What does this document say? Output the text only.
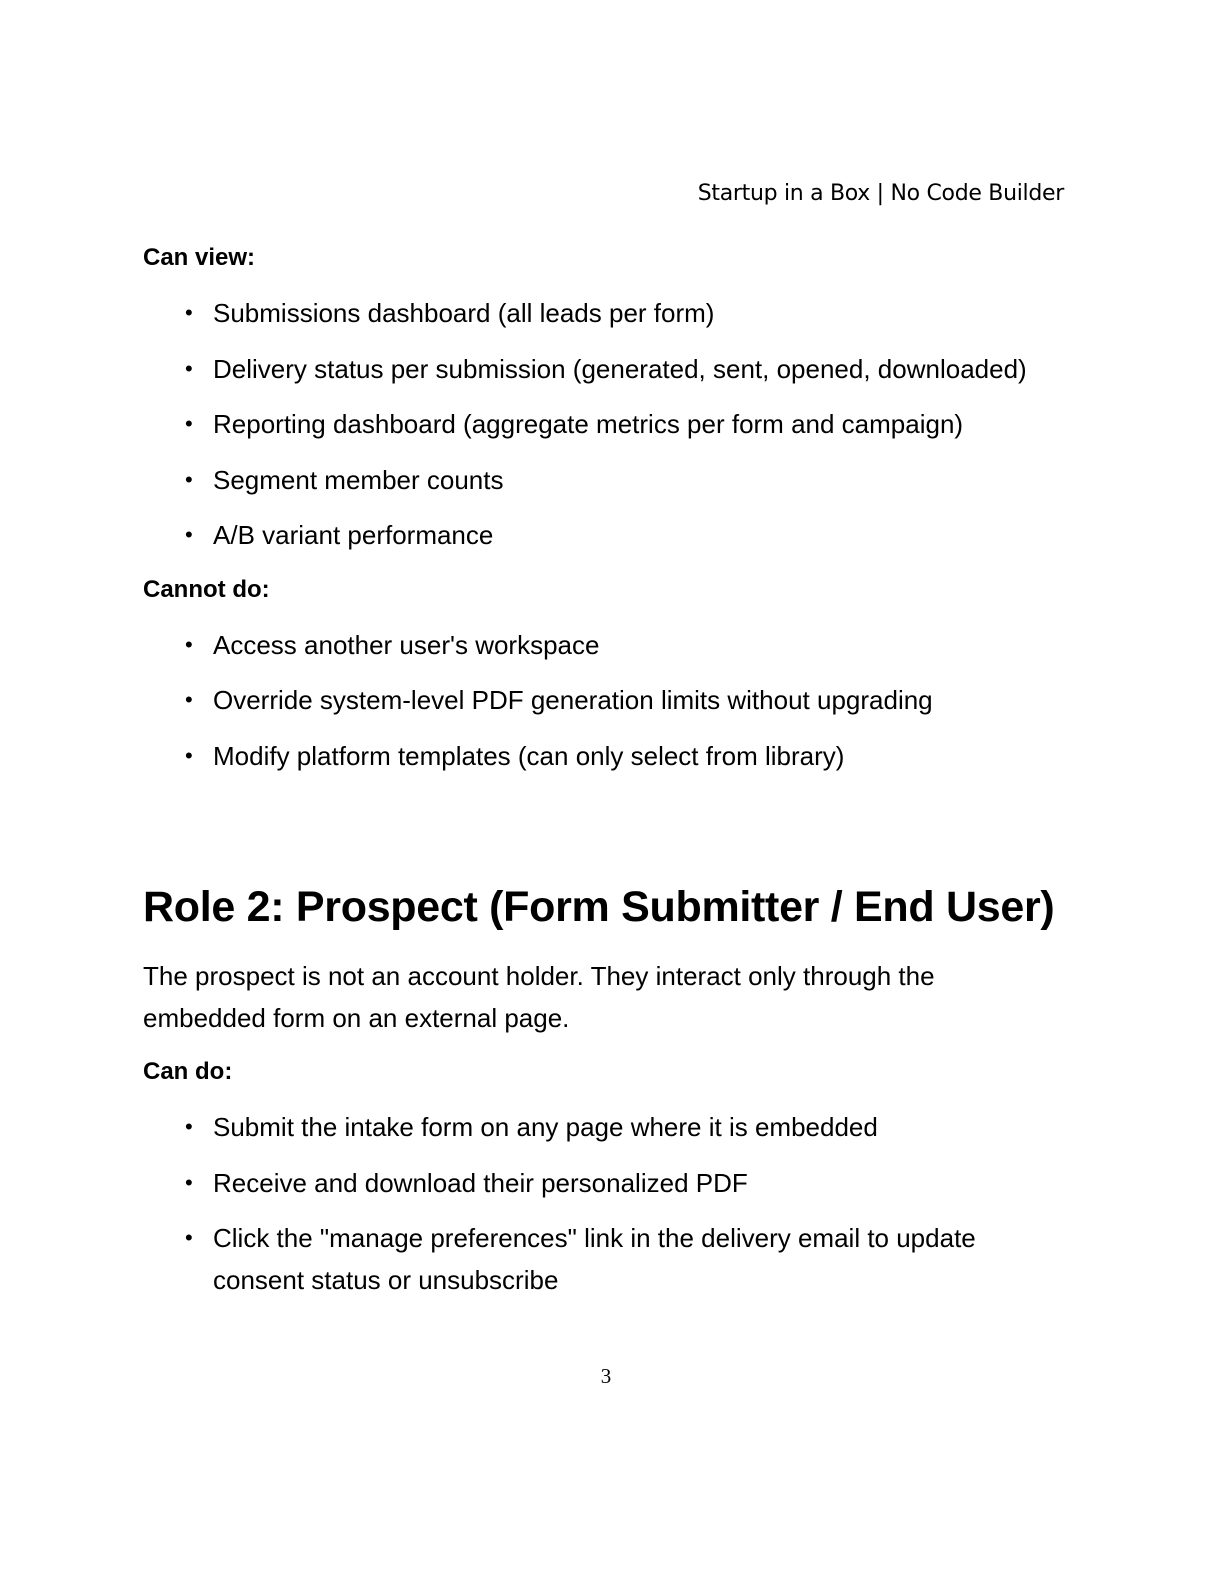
Startup in a Box | No Code Builder

Can view:

• Submissions dashboard (all leads per form)
• Delivery status per submission (generated, sent, opened, downloaded)
• Reporting dashboard (aggregate metrics per form and campaign)
• Segment member counts
• A/B variant performance

Cannot do:

• Access another user's workspace
• Override system-level PDF generation limits without upgrading
• Modify platform templates (can only select from library)
Role 2: Prospect (Form Submitter / End User)

The prospect is not an account holder. They interact only through the embedded form on an external page.

Can do:

• Submit the intake form on any page where it is embedded
• Receive and download their personalized PDF
• Click the "manage preferences" link in the delivery email to update consent status or unsubscribe
3
